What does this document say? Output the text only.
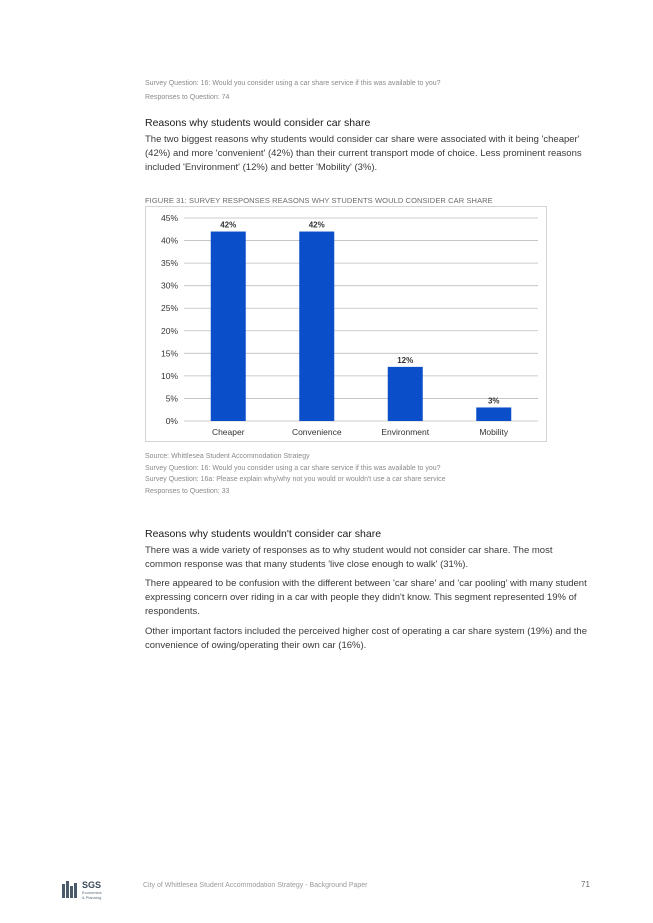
Survey Question: 16: Would you consider using a car share service if this was available to you?
Responses to Question: 74
Reasons why students would consider car share

The two biggest reasons why students would consider car share were associated with it being 'cheaper' (42%) and more 'convenient' (42%) than their current transport mode of choice. Less prominent reasons included 'Environment' (12%) and better 'Mobility' (3%).

FIGURE 31: SURVEY RESPONSES REASONS WHY STUDENTS WOULD CONSIDER CAR SHARE
0%
5%
10%
15%
20%
25%
30%
35%
40%
45%
42%
Cheaper
42%
Convenience
12%
Environment
3%
Mobility
Source: Whittlesea Student Accommodation Strategy
Survey Question: 16: Would you consider using a car share service if this was available to you?
Survey Question: 16a: Please explain why/why not you would or wouldn't use a car share service
Responses to Question: 33
Reasons why students wouldn't consider car share

There was a wide variety of responses as to why student would not consider car share. The most common response was that many students 'live close enough to walk' (31%).

There appeared to be confusion with the different between 'car share' and 'car pooling' with many student expressing concern over riding in a car with people they didn't know. This segment represented 19% of respondents.

Other important factors included the perceived higher cost of operating a car share system (19%) and the convenience of owing/operating their own car (16%).

SGS
Economics
& Planning
City of Whittlesea Student Accommodation Strategy - Background Paper	71
